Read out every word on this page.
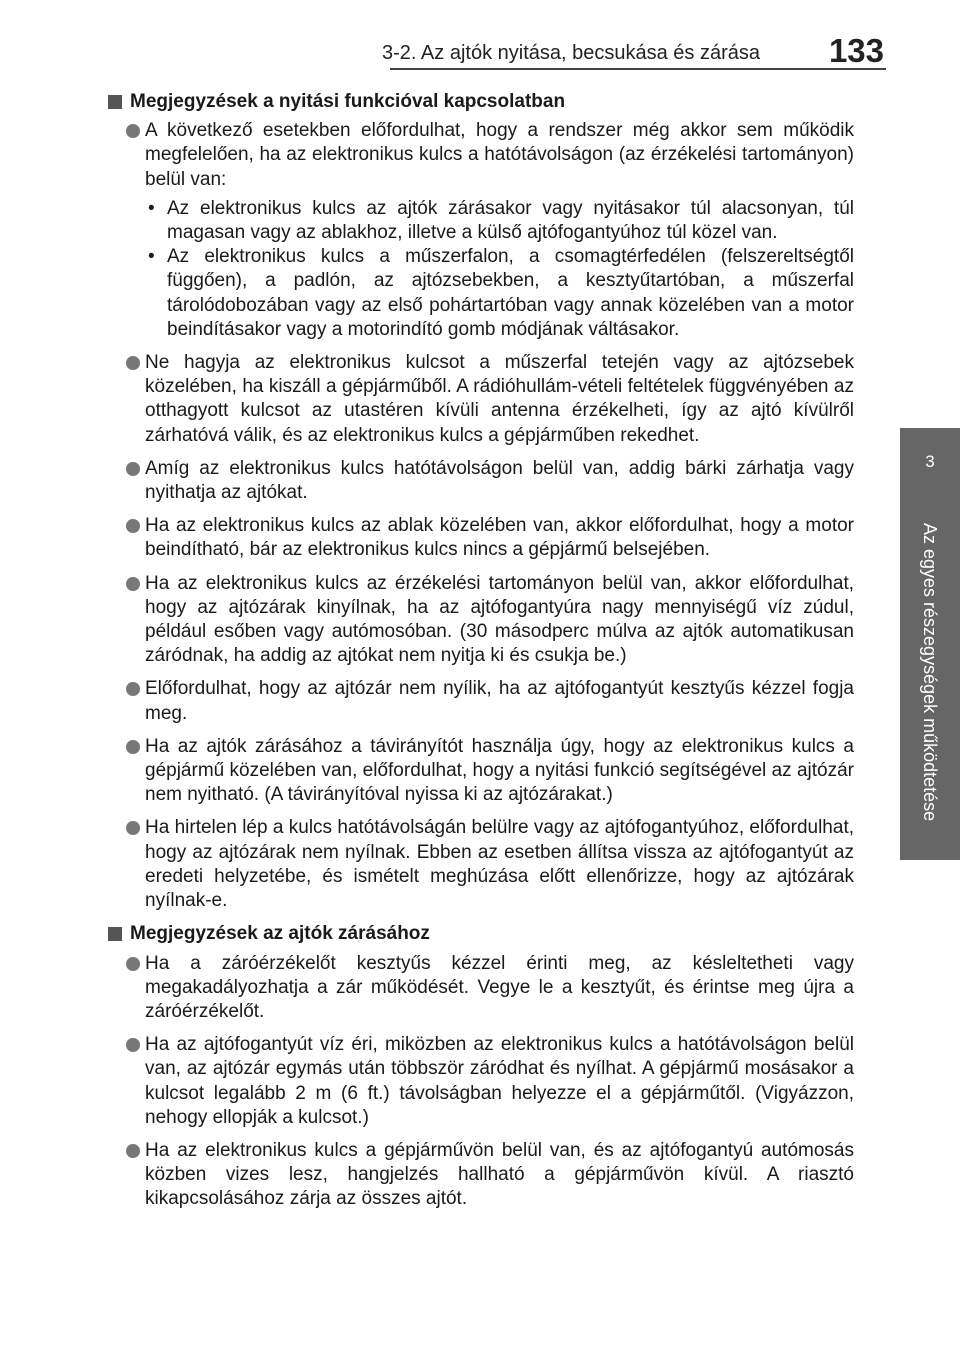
3-2. Az ajtók nyitása, becsukása és zárása 133
3
Az egyes részegységek működtetése
Megjegyzések a nyitási funkcióval kapcsolatban
A következő esetekben előfordulhat, hogy a rendszer még akkor sem működik megfelelően, ha az elektronikus kulcs a hatótávolságon (az érzékelési tartományon) belül van:
• Az elektronikus kulcs az ajtók zárásakor vagy nyitásakor túl alacsonyan, túl magasan vagy az ablakhoz, illetve a külső ajtófogantyúhoz túl közel van.
• Az elektronikus kulcs a műszerfalon, a csomagtérfedélen (felszereltségtől függően), a padlón, az ajtózsebekben, a kesztyűtartóban, a műszerfal tárolódobozában vagy az első pohártartóban vagy annak közelében van a motor beindításakor vagy a motorindító gomb módjának váltásakor.
Ne hagyja az elektronikus kulcsot a műszerfal tetején vagy az ajtózsebek közelében, ha kiszáll a gépjárműből. A rádióhullám-vételi feltételek függvényében az otthagyott kulcsot az utastéren kívüli antenna érzékelheti, így az ajtó kívülről zárhatóvá válik, és az elektronikus kulcs a gépjárműben rekedhet.
Amíg az elektronikus kulcs hatótávolságon belül van, addig bárki zárhatja vagy nyithatja az ajtókat.
Ha az elektronikus kulcs az ablak közelében van, akkor előfordulhat, hogy a motor beindítható, bár az elektronikus kulcs nincs a gépjármű belsejében.
Ha az elektronikus kulcs az érzékelési tartományon belül van, akkor előfordulhat, hogy az ajtózárak kinyílnak, ha az ajtófogantyúra nagy mennyiségű víz zúdul, például esőben vagy autómosóban. (30 másodperc múlva az ajtók automatikusan záródnak, ha addig az ajtókat nem nyitja ki és csukja be.)
Előfordulhat, hogy az ajtózár nem nyílik, ha az ajtófogantyút kesztyűs kézzel fogja meg.
Ha az ajtók zárásához a távirányítót használja úgy, hogy az elektronikus kulcs a gépjármű közelében van, előfordulhat, hogy a nyitási funkció segítségével az ajtózár nem nyitható. (A távirányítóval nyissa ki az ajtózárakat.)
Ha hirtelen lép a kulcs hatótávolságán belülre vagy az ajtófogantyúhoz, előfordulhat, hogy az ajtózárak nem nyílnak. Ebben az esetben állítsa vissza az ajtófogantyút az eredeti helyzetébe, és ismételt meghúzása előtt ellenőrizze, hogy az ajtózárak nyílnak-e.
Megjegyzések az ajtók zárásához
Ha a záróérzékelőt kesztyűs kézzel érinti meg, az késleltetheti vagy megakadályozhatja a zár működését. Vegye le a kesztyűt, és érintse meg újra a záróérzékelőt.
Ha az ajtófogantyút víz éri, miközben az elektronikus kulcs a hatótávolságon belül van, az ajtózár egymás után többször záródhat és nyílhat. A gépjármű mosásakor a kulcsot legalább 2 m (6 ft.) távolságban helyezze el a gépjárműtől. (Vigyázzon, nehogy ellopják a kulcsot.)
Ha az elektronikus kulcs a gépjárművön belül van, és az ajtófogantyú autómosás közben vizes lesz, hangjelzés hallható a gépjárművön kívül. A riasztó kikapcsolásához zárja az összes ajtót.
